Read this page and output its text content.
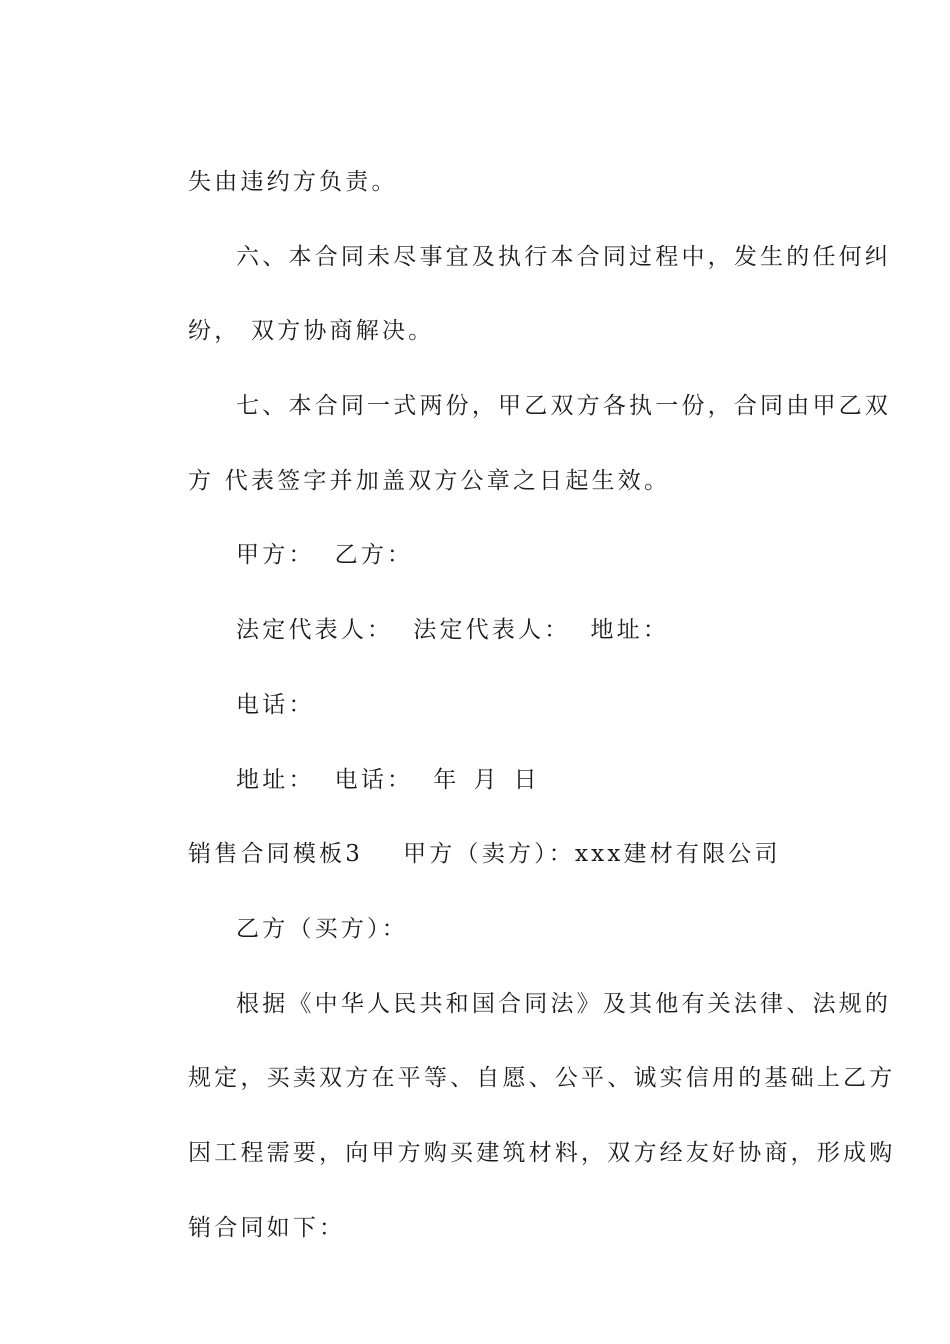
失由违约方负责。

六、本合同未尽事宜及执行本合同过程中，发生的任何纠

纷， 双方协商解决。

七、本合同一式两份，甲乙双方各执一份，合同由甲乙双

方 代表签字并加盖双方公章之日起生效。

甲方： 乙方：

法定代表人： 法定代表人： 地址：

电话：

地址： 电话： 年 月 日

销售合同模板3 甲方（卖方）：xxx建材有限公司

乙方（买方）：

根据《中华人民共和国合同法》及其他有关法律、法规的

规定，买卖双方在平等、自愿、公平、诚实信用的基础上乙方

因工程需要，向甲方购买建筑材料，双方经友好协商，形成购

销合同如下：
